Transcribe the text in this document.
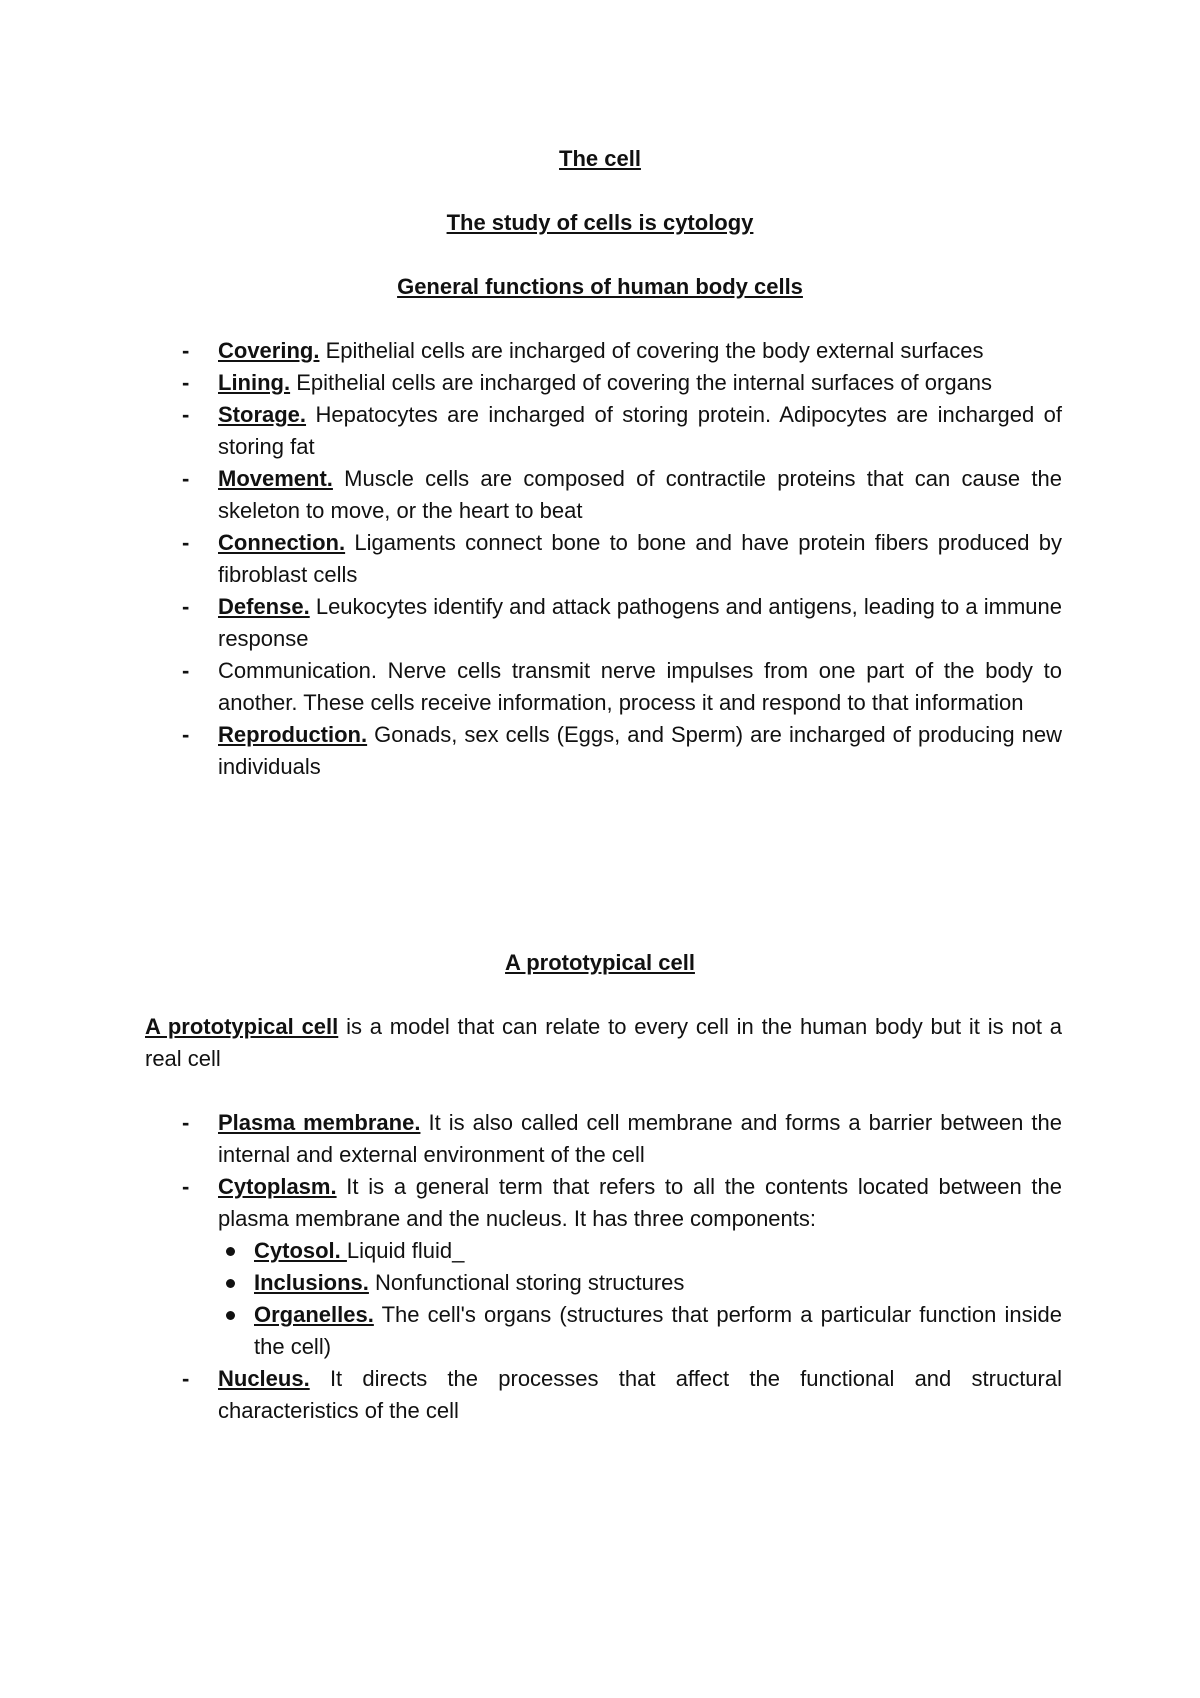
The cell
The study of cells is cytology
General functions of human body cells
- Covering. Epithelial cells are incharged of covering the body external surfaces
- Lining. Epithelial cells are incharged of covering the internal surfaces of organs
- Storage. Hepatocytes are incharged of storing protein. Adipocytes are incharged of storing fat
- Movement. Muscle cells are composed of contractile proteins that can cause the skeleton to move, or the heart to beat
- Connection. Ligaments connect bone to bone and have protein fibers produced by fibroblast cells
- Defense. Leukocytes identify and attack pathogens and antigens, leading to a immune response
- Communication. Nerve cells transmit nerve impulses from one part of the body to another. These cells receive information, process it and respond to that information
- Reproduction. Gonads, sex cells (Eggs, and Sperm) are incharged of producing new individuals
A prototypical cell

A prototypical cell is a model that can relate to every cell in the human body but it is not a real cell

- Plasma membrane. It is also called cell membrane and forms a barrier between the internal and external environment of the cell
- Cytoplasm. It is a general term that refers to all the contents located between the plasma membrane and the nucleus. It has three components:
Cytosol. Liquid fluid_
Inclusions. Nonfunctional storing structures
Organelles. The cell's organs (structures that perform a particular function inside the cell)
- Nucleus. It directs the processes that affect the functional and structural characteristics of the cell
